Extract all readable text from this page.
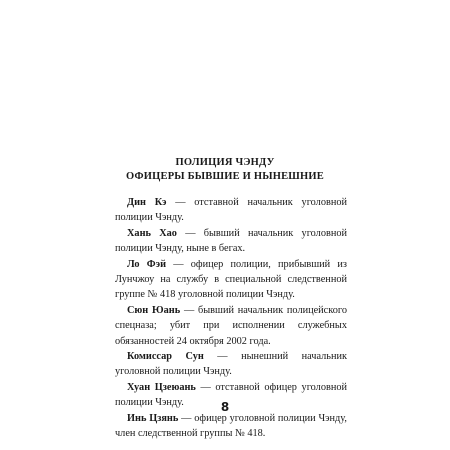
ПОЛИЦИЯ ЧЭНДУ
ОФИЦЕРЫ БЫВШИЕ И НЫНЕШНИЕ

Дин Кэ — отставной начальник уголовной полиции Чэнду.

Хань Хао — бывший начальник уголовной полиции Чэнду, ныне в бегах.

Ло Фэй — офицер полиции, прибывший из Лунчжоу на службу в специальной следственной группе № 418 уголовной полиции Чэнду.

Сюн Юань — бывший начальник полицейского спецназа; убит при исполнении служебных обязанностей 24 октября 2002 года.

Комиссар Сун — нынешний начальник уголовной полиции Чэнду.

Хуан Цзеюань — отставной офицер уголовной полиции Чэнду.

Инь Цзянь — офицер уголовной полиции Чэнду, член следственной группы № 418.

8
